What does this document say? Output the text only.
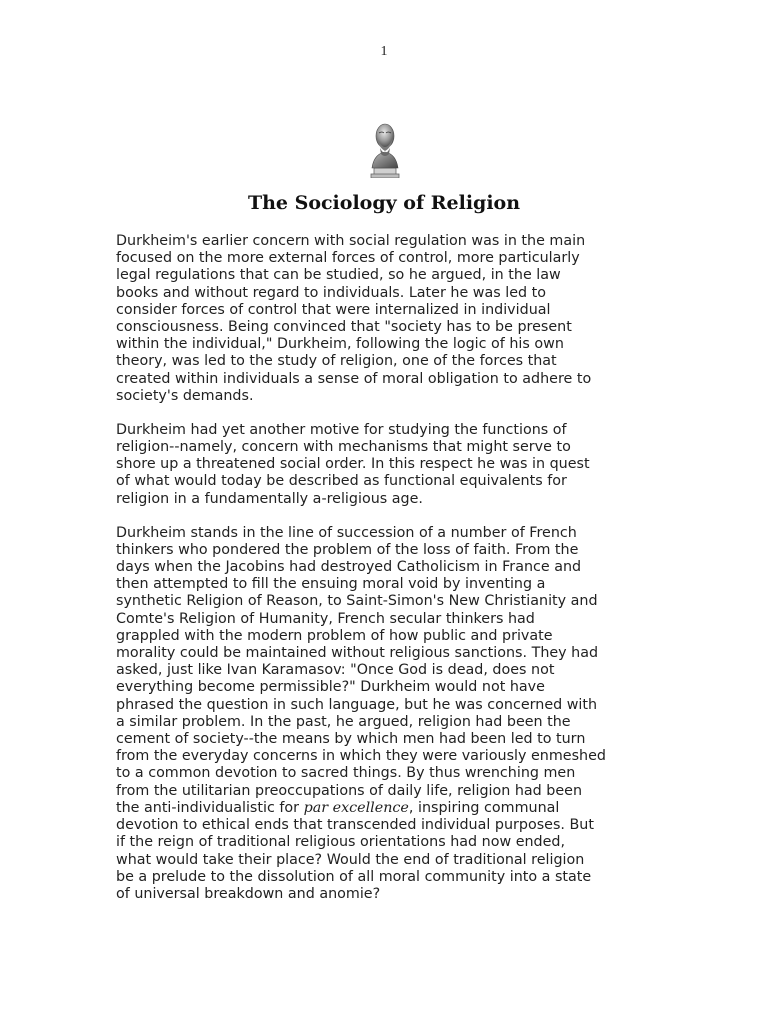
1
The Sociology of Religion

Durkheim's earlier concern with social regulation was in the main
focused on the more external forces of control, more particularly
legal regulations that can be studied, so he argued, in the law
books and without regard to individuals. Later he was led to
consider forces of control that were internalized in individual
consciousness. Being convinced that "society has to be present
within the individual," Durkheim, following the logic of his own
theory, was led to the study of religion, one of the forces that
created within individuals a sense of moral obligation to adhere to
society's demands.

Durkheim had yet another motive for studying the functions of
religion--namely, concern with mechanisms that might serve to
shore up a threatened social order. In this respect he was in quest
of what would today be described as functional equivalents for
religion in a fundamentally a-religious age.

Durkheim stands in the line of succession of a number of French
thinkers who pondered the problem of the loss of faith. From the
days when the Jacobins had destroyed Catholicism in France and
then attempted to fill the ensuing moral void by inventing a
synthetic Religion of Reason, to Saint-Simon's New Christianity and
Comte's Religion of Humanity, French secular thinkers had
grappled with the modern problem of how public and private
morality could be maintained without religious sanctions. They had
asked, just like Ivan Karamasov: "Once God is dead, does not
everything become permissible?" Durkheim would not have
phrased the question in such language, but he was concerned with
a similar problem. In the past, he argued, religion had been the
cement of society--the means by which men had been led to turn
from the everyday concerns in which they were variously enmeshed
to a common devotion to sacred things. By thus wrenching men
from the utilitarian preoccupations of daily life, religion had been
the anti-individualistic for par excellence, inspiring communal
devotion to ethical ends that transcended individual purposes. But
if the reign of traditional religious orientations had now ended,
what would take their place? Would the end of traditional religion
be a prelude to the dissolution of all moral community into a state
of universal breakdown and anomie?
